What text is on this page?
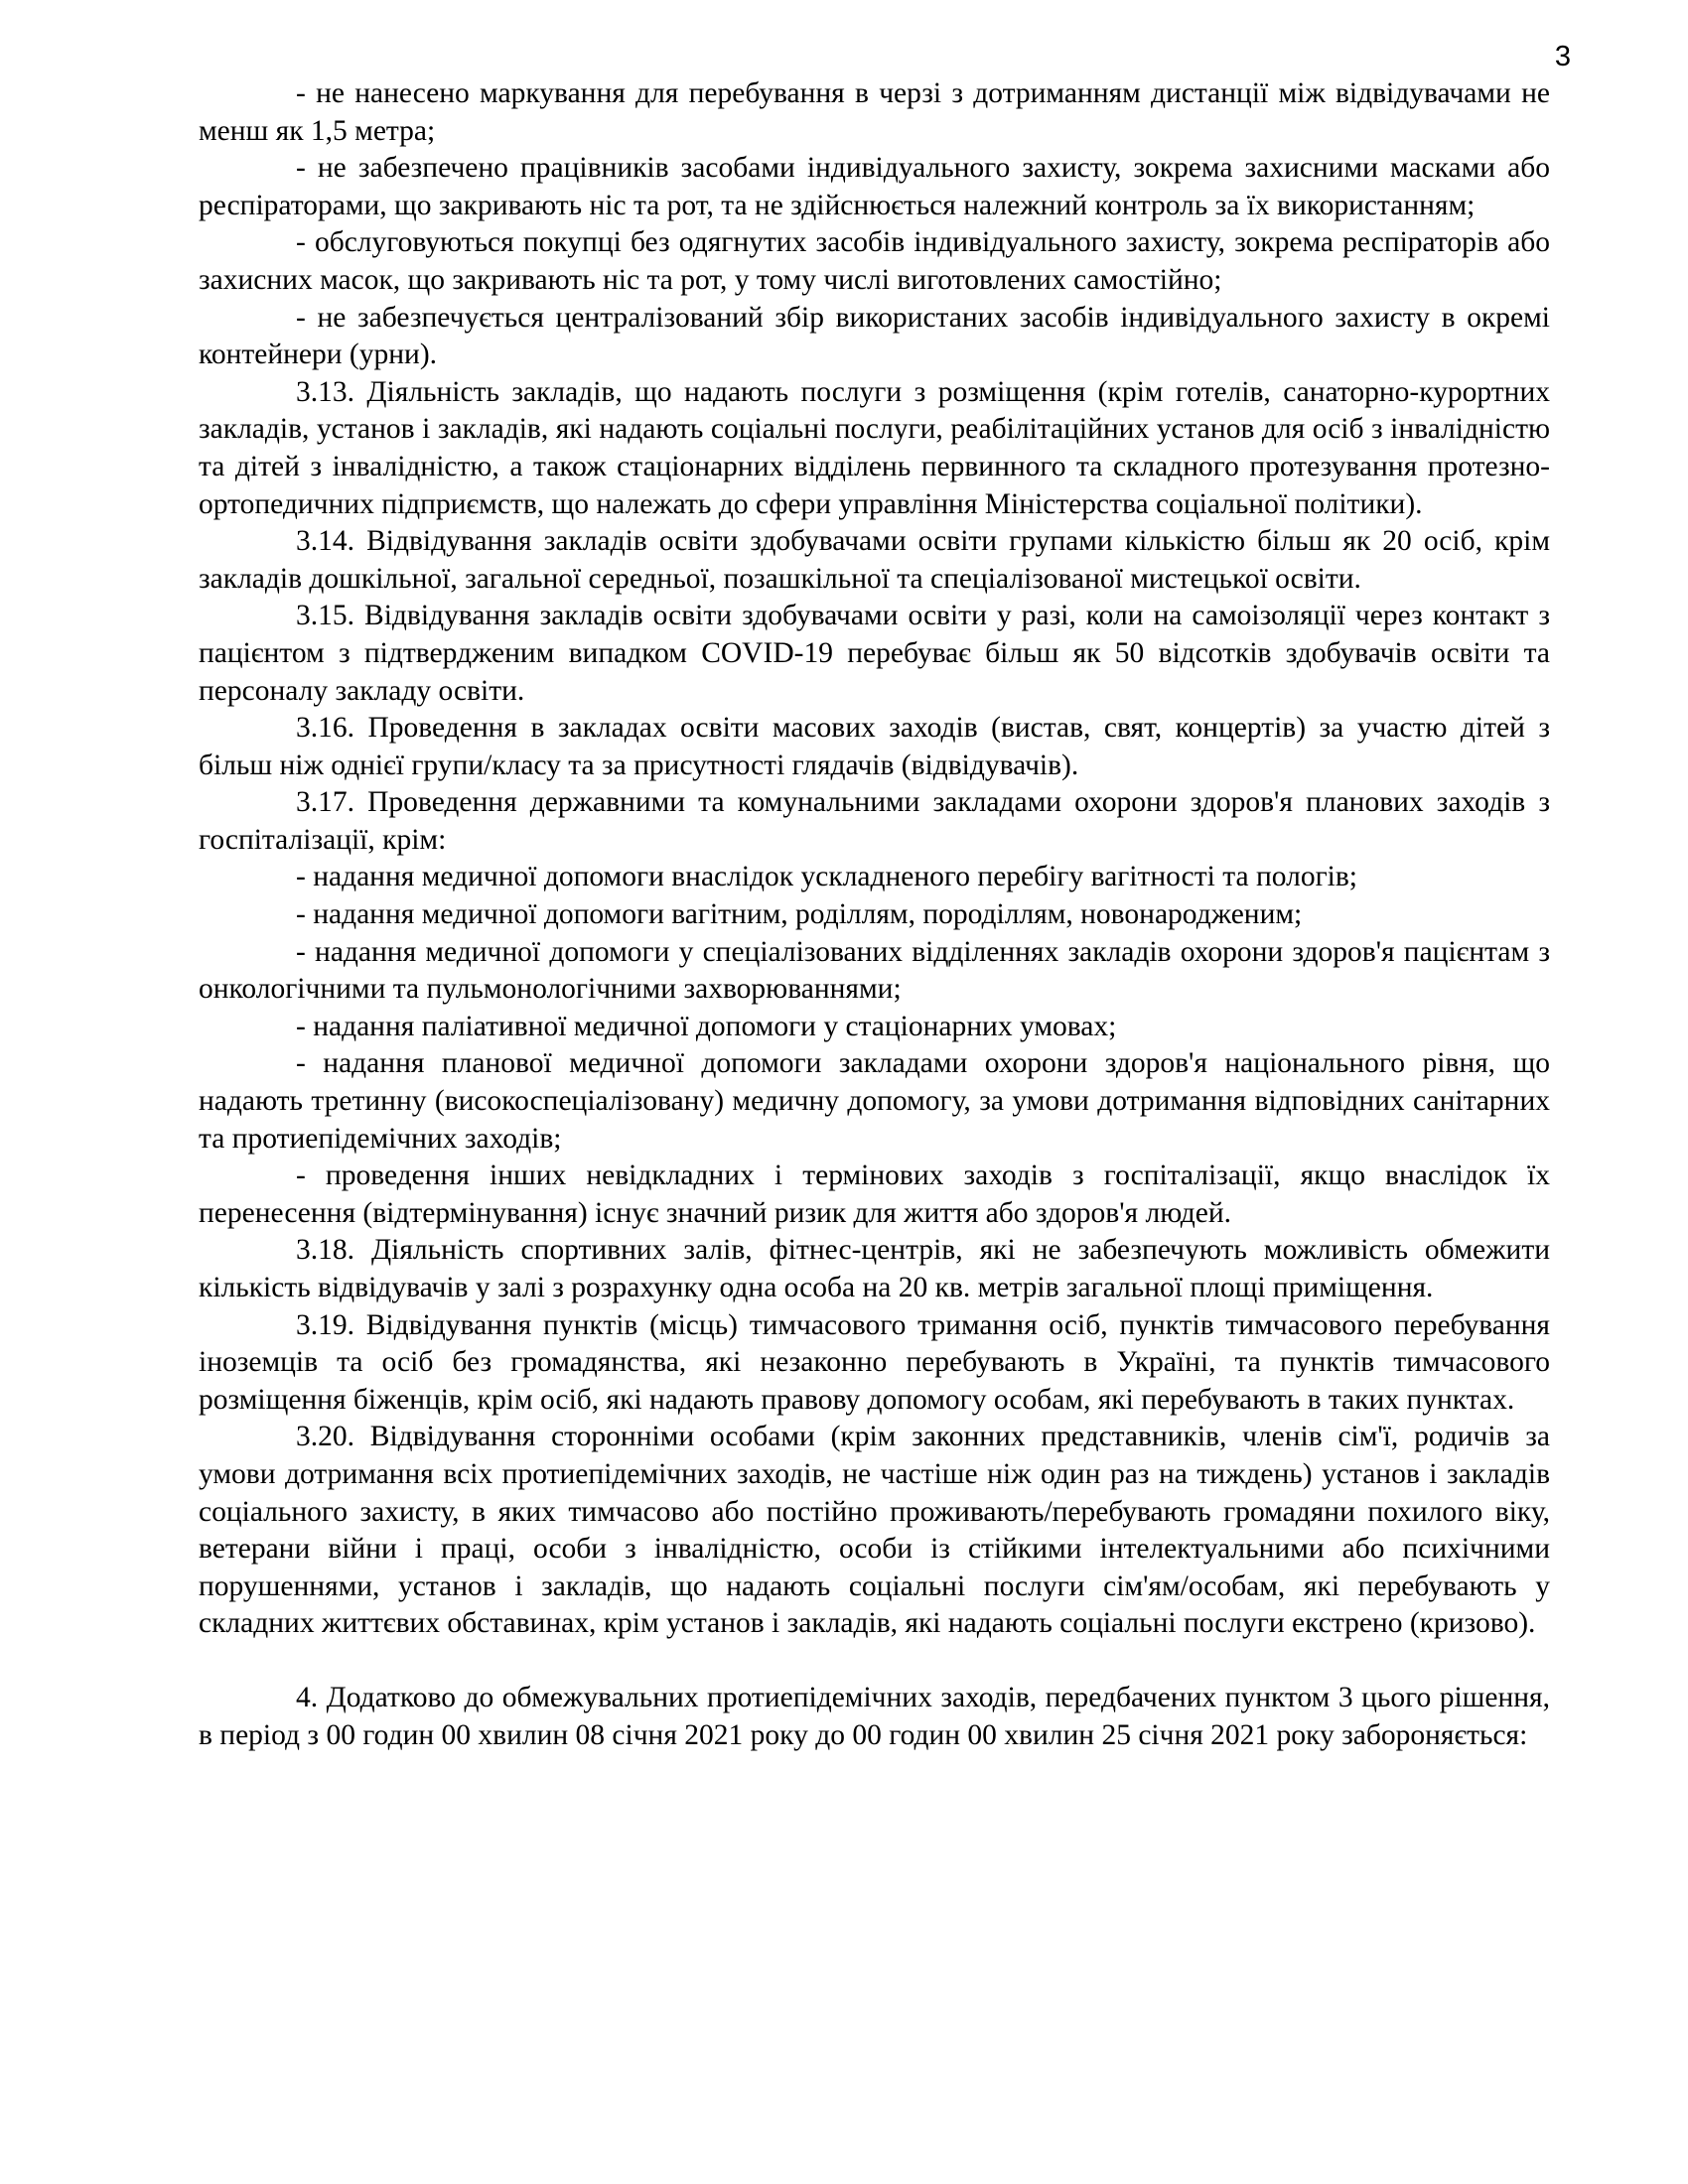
3

- не нанесено маркування для перебування в черзі з дотриманням дистанції між відвідувачами не менш як 1,5 метра;

- не забезпечено працівників засобами індивідуального захисту, зокрема захисними масками або респіраторами, що закривають ніс та рот, та не здійснюється належний контроль за їх використанням;

- обслуговуються покупці без одягнутих засобів індивідуального захисту, зокрема респіраторів або захисних масок, що закривають ніс та рот, у тому числі виготовлених самостійно;

- не забезпечується централізований збір використаних засобів індивідуального захисту в окремі контейнери (урни).

3.13. Діяльність закладів, що надають послуги з розміщення (крім готелів, санаторно-курортних закладів, установ і закладів, які надають соціальні послуги, реабілітаційних установ для осіб з інвалідністю та дітей з інвалідністю, а також стаціонарних відділень первинного та складного протезування протезно- ортопедичних підприємств, що належать до сфери управління Міністерства соціальної політики).

3.14. Відвідування закладів освіти здобувачами освіти групами кількістю більш як 20 осіб, крім закладів дошкільної, загальної середньої, позашкільної та спеціалізованої мистецької освіти.

3.15. Відвідування закладів освіти здобувачами освіти у разі, коли на самоізоляції через контакт з пацієнтом з підтвердженим випадком COVID-19 перебуває більш як 50 відсотків здобувачів освіти та персоналу закладу освіти.

3.16. Проведення в закладах освіти масових заходів (вистав, свят, концертів) за участю дітей з більш ніж однієї групи/класу та за присутності глядачів (відвідувачів).

3.17. Проведення державними та комунальними закладами охорони здоров'я планових заходів з госпіталізації, крім:

- надання медичної допомоги внаслідок ускладненого перебігу вагітності та пологів;

- надання медичної допомоги вагітним, роділлям, породіллям, новонародженим;

- надання медичної допомоги у спеціалізованих відділеннях закладів охорони здоров'я пацієнтам з онкологічними та пульмонологічними захворюваннями;

- надання паліативної медичної допомоги у стаціонарних умовах;

- надання планової медичної допомоги закладами охорони здоров'я національного рівня, що надають третинну (високоспеціалізовану) медичну допомогу, за умови дотримання відповідних санітарних та протиепідемічних заходів;

- проведення інших невідкладних і термінових заходів з госпіталізації, якщо внаслідок їх перенесення (відтермінування) існує значний ризик для життя або здоров'я людей.

3.18. Діяльність спортивних залів, фітнес-центрів, які не забезпечують можливість обмежити кількість відвідувачів у залі з розрахунку одна особа на 20 кв. метрів загальної площі приміщення.

3.19. Відвідування пунктів (місць) тимчасового тримання осіб, пунктів тимчасового перебування іноземців та осіб без громадянства, які незаконно перебувають в Україні, та пунктів тимчасового розміщення біженців, крім осіб, які надають правову допомогу особам, які перебувають в таких пунктах.

3.20. Відвідування сторонніми особами (крім законних представників, членів сім'ї, родичів за умови дотримання всіх протиепідемічних заходів, не частіше ніж один раз на тиждень) установ і закладів соціального захисту, в яких тимчасово або постійно проживають/перебувають громадяни похилого віку, ветерани війни і праці, особи з інвалідністю, особи із стійкими інтелектуальними або психічними порушеннями, установ і закладів, що надають соціальні послуги сім'ям/особам, які перебувають у складних життєвих обставинах, крім установ і закладів, які надають соціальні послуги екстрено (кризово).

4. Додатково до обмежувальних протиепідемічних заходів, передбачених пунктом 3 цього рішення, в період з 00 годин 00 хвилин 08 січня 2021 року до 00 годин 00 хвилин 25 січня 2021 року забороняється:
